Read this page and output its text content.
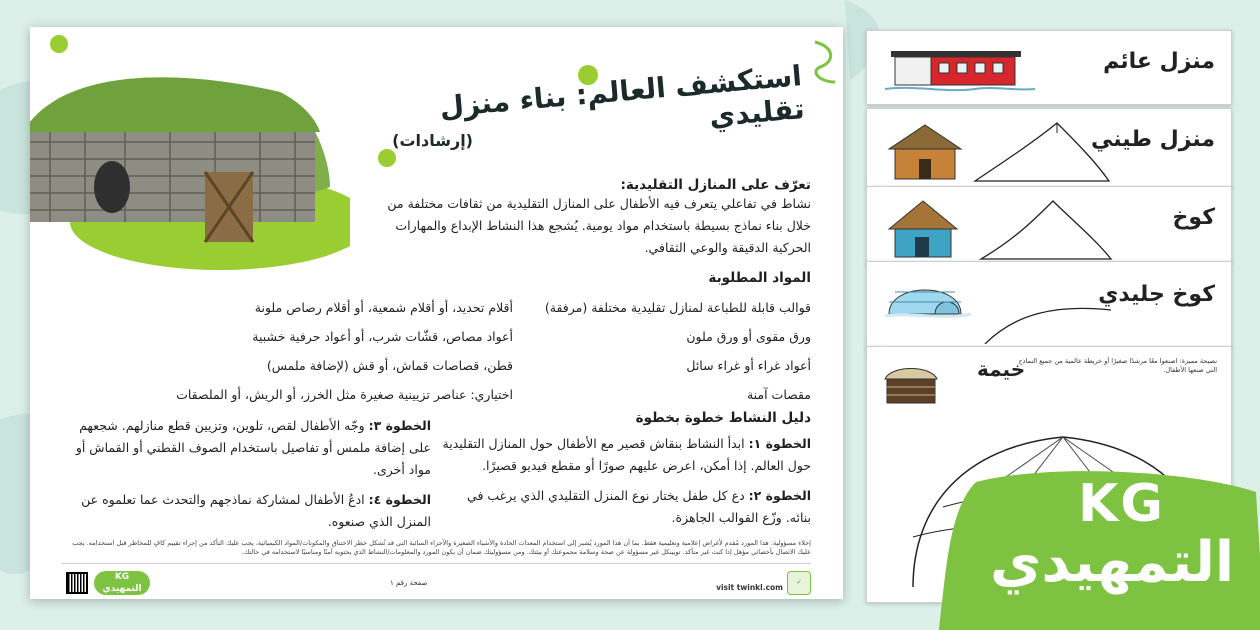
استكشف العالم: بناء منزل تقليدي
(إرشادات)
تعرّف على المنازل التقليدية:
نشاط في تفاعلي يتعرف فيه الأطفال على المنازل التقليدية من ثقافات مختلفة من خلال بناء نماذج بسيطة باستخدام مواد يومية. يُشجع هذا النشاط الإبداع والمهارات الحركية الدقيقة والوعي الثقافي.
المواد المطلوبة
قوالب قابلة للطباعة لمنازل تقليدية مختلفة (مرفقة)
ورق مقوى أو ورق ملون
أعواد غراء أو غراء سائل
مقصات آمنة
أقلام تحديد، أو أقلام شمعية، أو أقلام رصاص ملونة
أعواد مصاص، قشّات شرب، أو أعواد حرفية خشبية
قطن، قصاصات قماش، أو قش (لإضافة ملمس)
اختياري: عناصر تزيينية صغيرة مثل الخرز، أو الريش، أو الملصقات
دليل النشاط خطوة بخطوة
الخطوة ١: ابدأ النشاط بنقاش قصير مع الأطفال حول المنازل التقليدية حول العالم. إذا أمكن، اعرض عليهم صورًا أو مقطع فيديو قصيرًا.
الخطوة ٢: دع كل طفل يختار نوع المنزل التقليدي الذي يرغب في بنائه. وزّع القوالب الجاهزة.
الخطوة ٣: وجّه الأطفال لقص، تلوين، وتزيين قطع منازلهم. شجعهم على إضافة ملمس أو تفاصيل باستخدام الصوف القطني أو القماش أو مواد أخرى.
الخطوة ٤: ادعُ الأطفال لمشاركة نماذجهم والتحدث عما تعلموه عن المنزل الذي صنعوه.
إخلاء مسؤولية: هذا المورد مُقدم لأغراض إعلامية وتعليمية فقط. بما أن هذا المورد يُشير إلى استخدام المعدات الحادة والأشياء الصغيرة والأجزاء السائبة التي قد تُشكل خطر الاختناق والمكونات/المواد الكيميائية، يجب عليك التأكد من إجراء تقييم كافٍ للمخاطر قبل استخدامه. يجب عليك الاتصال بأخصائي مؤهل إذا كنت غير متأكد. تويينكل غير مسؤولة عن صحة وسلامة مجموعتك أو بيئتك. ومن مسؤوليتك ضمان أن يكون المورد والمعلومات/النشاط الذي يحتويه آمنًا ومناسبًا لاستخدامه في حالتك.
KG التمهيدي
صفحة رقم ١	visit twinkl.com
✓
منزل عائم
منزل طيني
كوخ
كوخ جليدي
نصيحة مميزة: اصنعوا معًا مرشدًا صغيرًا أو خريطة عالمية من جميع النماذج التي صنعها الأطفال.
خيمة
KG
التمهيدي
